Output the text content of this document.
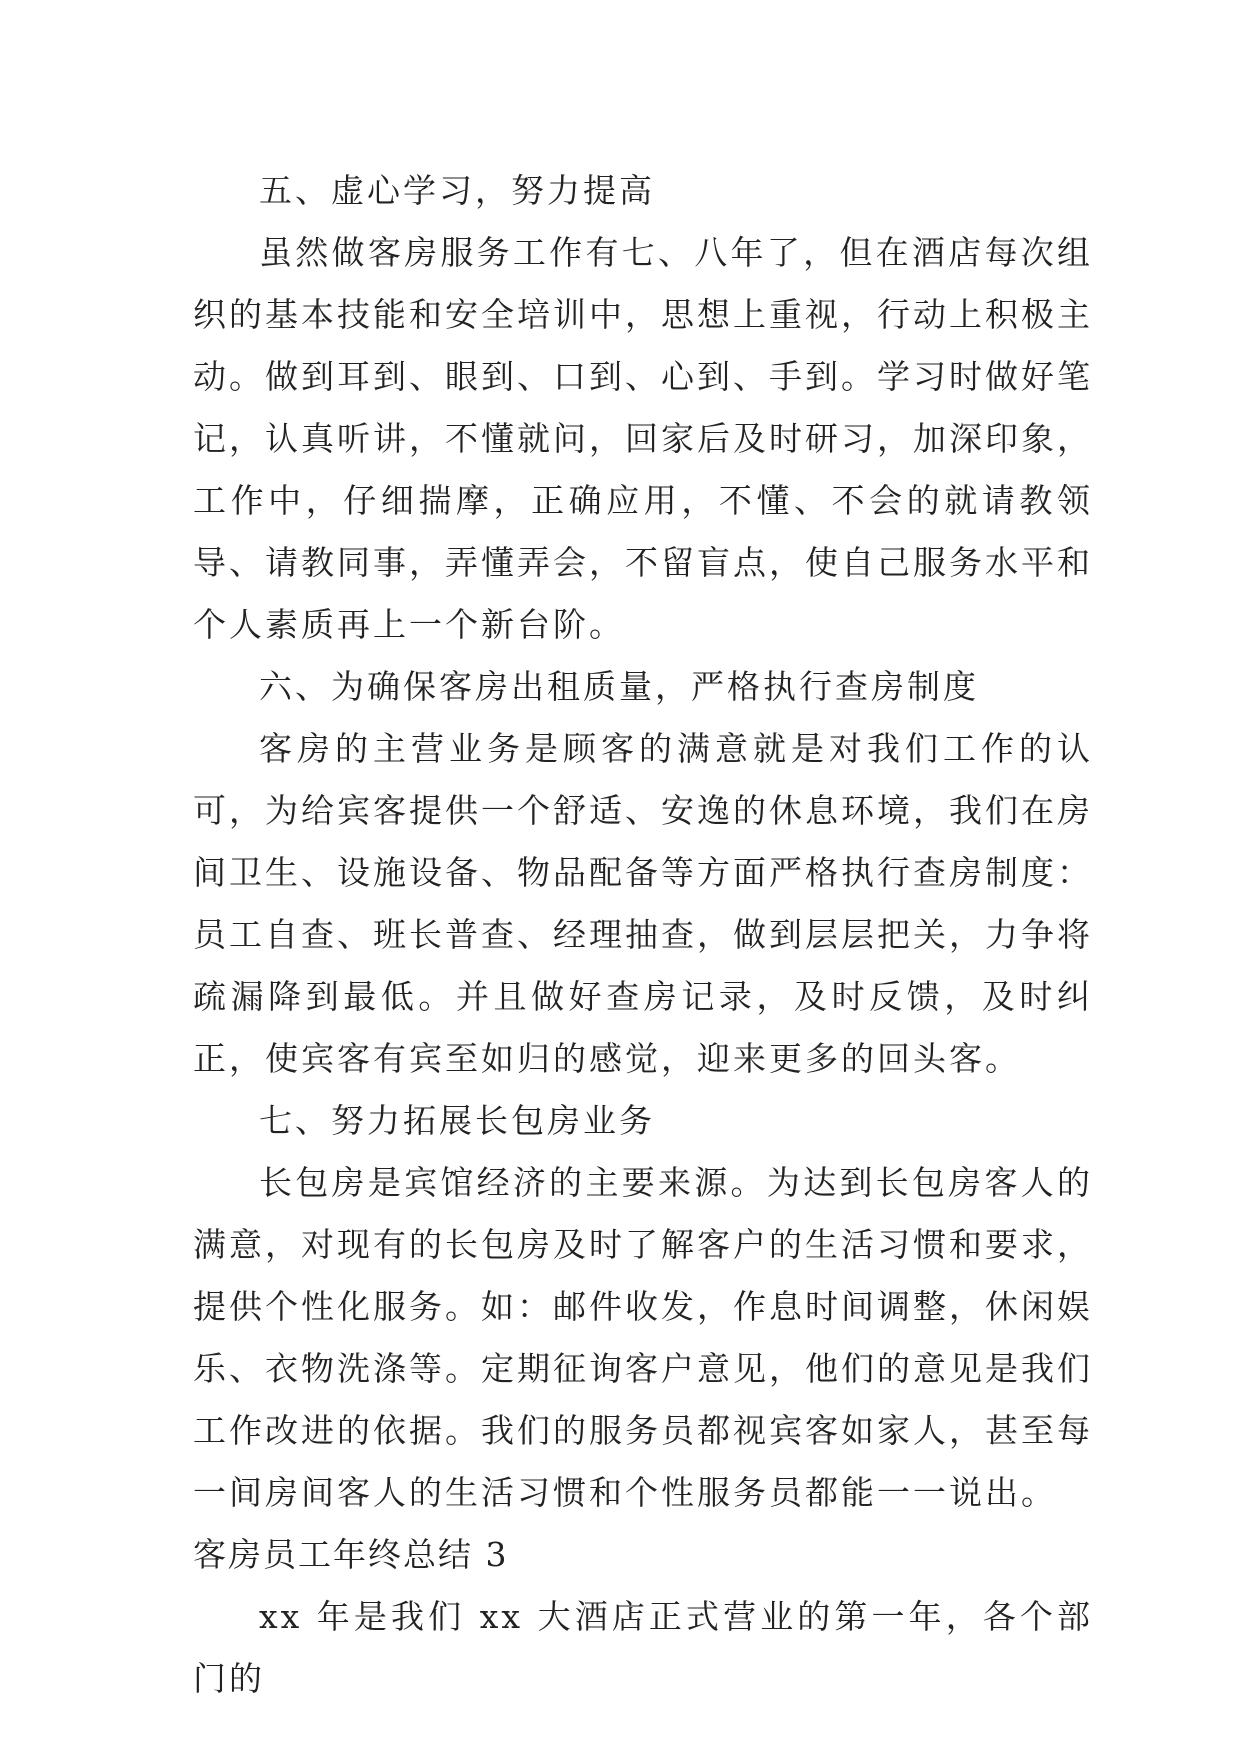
五、虚心学习，努力提高

虽然做客房服务工作有七、八年了，但在酒店每次组织的基本技能和安全培训中，思想上重视，行动上积极主动。做到耳到、眼到、口到、心到、手到。学习时做好笔记，认真听讲，不懂就问，回家后及时研习，加深印象，工作中，仔细揣摩，正确应用，不懂、不会的就请教领导、请教同事，弄懂弄会，不留盲点，使自己服务水平和个人素质再上一个新台阶。

六、为确保客房出租质量，严格执行查房制度

客房的主营业务是顾客的满意就是对我们工作的认可，为给宾客提供一个舒适、安逸的休息环境，我们在房间卫生、设施设备、物品配备等方面严格执行查房制度：员工自查、班长普查、经理抽查，做到层层把关，力争将疏漏降到最低。并且做好查房记录，及时反馈，及时纠正，使宾客有宾至如归的感觉，迎来更多的回头客。

七、努力拓展长包房业务

长包房是宾馆经济的主要来源。为达到长包房客人的满意，对现有的长包房及时了解客户的生活习惯和要求，提供个性化服务。如：邮件收发，作息时间调整，休闲娱乐、衣物洗涤等。定期征询客户意见，他们的意见是我们工作改进的依据。我们的服务员都视宾客如家人，甚至每一间房间客人的生活习惯和个性服务员都能一一说出。

客房员工年终总结 3

xx 年是我们 xx 大酒店正式营业的第一年，各个部门的
